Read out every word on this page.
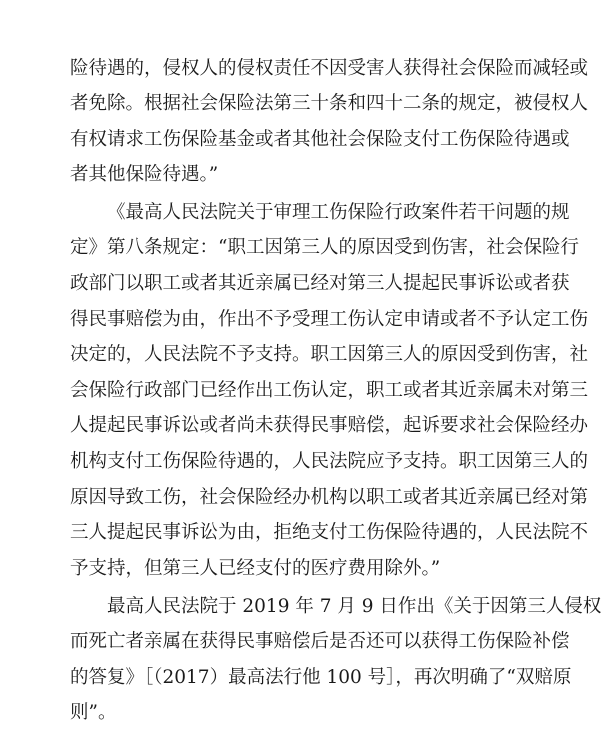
险待遇的，侵权人的侵权责任不因受害人获得社会保险而减轻或
者免除。根据社会保险法第三十条和四十二条的规定，被侵权人
有权请求工伤保险基金或者其他社会保险支付工伤保险待遇或
者其他保险待遇。”
《最高人民法院关于审理工伤保险行政案件若干问题的规
定》第八条规定：“职工因第三人的原因受到伤害，社会保险行
政部门以职工或者其近亲属已经对第三人提起民事诉讼或者获
得民事赔偿为由，作出不予受理工伤认定申请或者不予认定工伤
决定的，人民法院不予支持。职工因第三人的原因受到伤害，社
会保险行政部门已经作出工伤认定，职工或者其近亲属未对第三
人提起民事诉讼或者尚未获得民事赔偿，起诉要求社会保险经办
机构支付工伤保险待遇的，人民法院应予支持。职工因第三人的
原因导致工伤，社会保险经办机构以职工或者其近亲属已经对第
三人提起民事诉讼为由，拒绝支付工伤保险待遇的，人民法院不
予支持，但第三人已经支付的医疗费用除外。”
最高人民法院于 2019 年 7 月 9 日作出《关于因第三人侵权
而死亡者亲属在获得民事赔偿后是否还可以获得工伤保险补偿
的答复》［（2017）最高法行他 100 号］，再次明确了“双赔原
则”。
